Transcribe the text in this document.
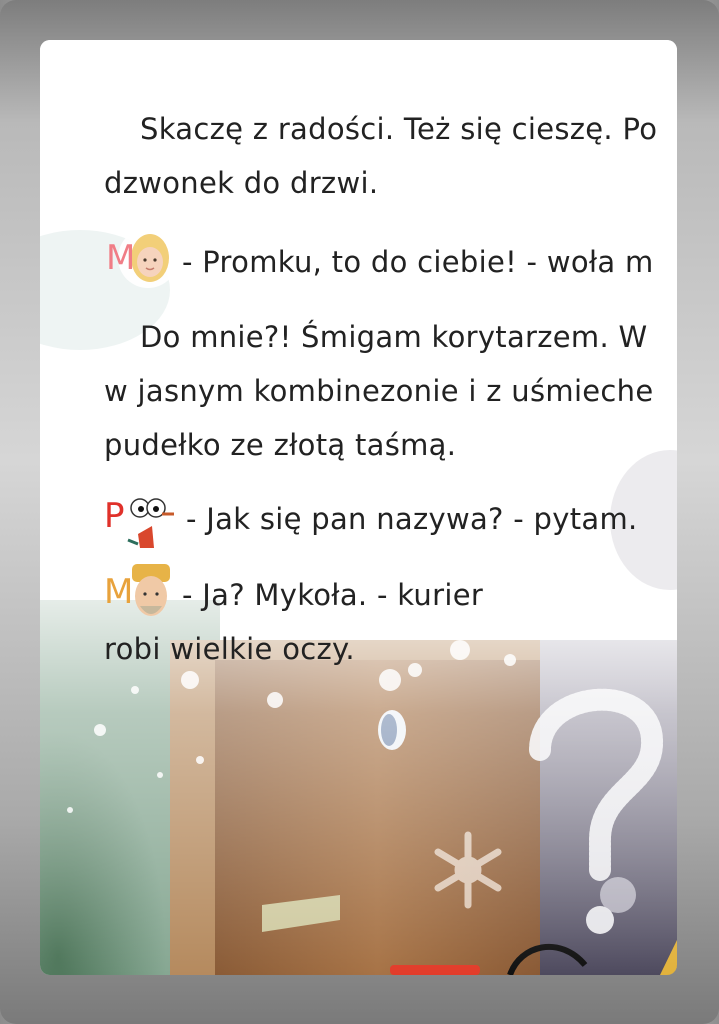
Skaczę z radości. Też się cieszę. Po
dzwonek do drzwi.
M - Promku, to do ciebie! - woła m
Do mnie?! Śmigam korytarzem. W
w jasnym kombinezonie i z uśmieche
pudełko ze złotą taśmą.
P - Jak się pan nazywa? - pytam.
M - Ja? Mykoła. - kurier
robi wielkie oczy.
